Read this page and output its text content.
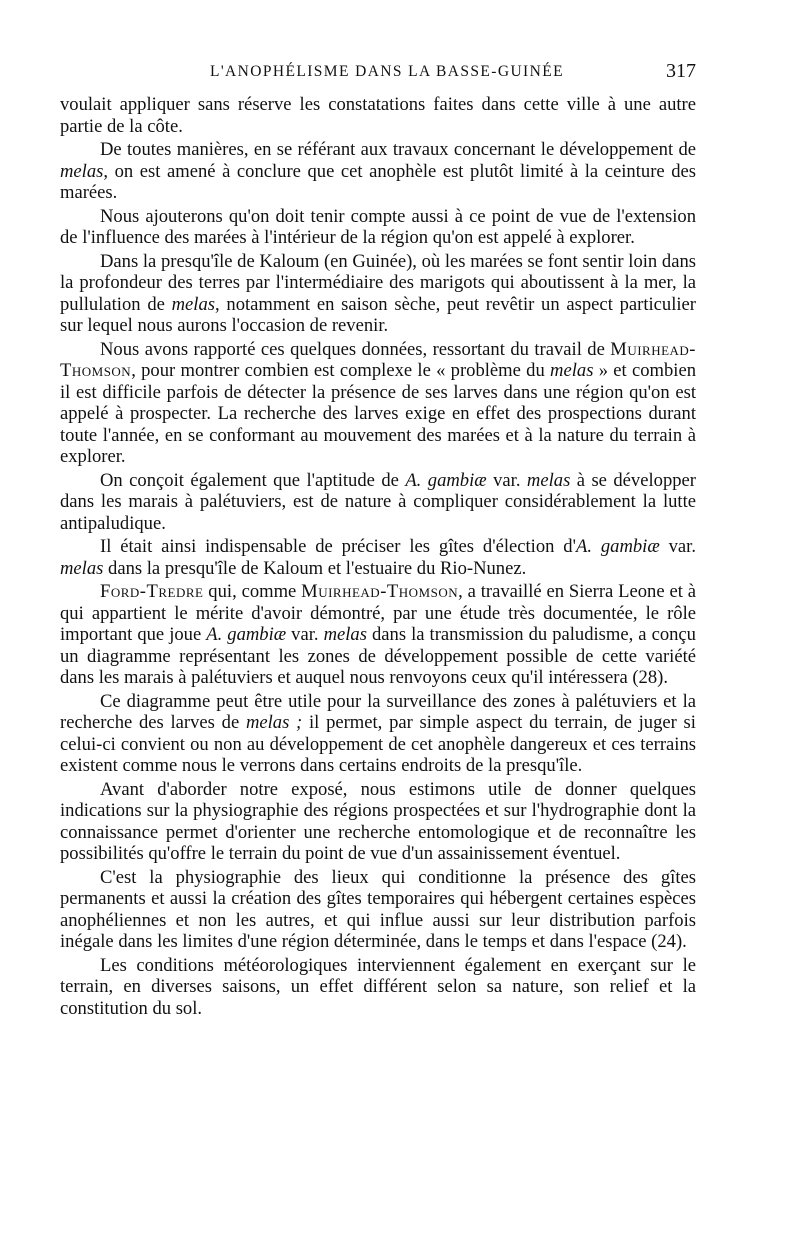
L'ANOPHÉLISME DANS LA BASSE-GUINÉE	317

voulait appliquer sans réserve les constatations faites dans cette ville à une autre partie de la côte.

De toutes manières, en se référant aux travaux concernant le développement de melas, on est amené à conclure que cet anophèle est plutôt limité à la ceinture des marées.

Nous ajouterons qu'on doit tenir compte aussi à ce point de vue de l'extension de l'influence des marées à l'intérieur de la région qu'on est appelé à explorer.

Dans la presqu'île de Kaloum (en Guinée), où les marées se font sentir loin dans la profondeur des terres par l'intermédiaire des marigots qui aboutissent à la mer, la pullulation de melas, notamment en saison sèche, peut revêtir un aspect particulier sur lequel nous aurons l'occasion de revenir.

Nous avons rapporté ces quelques données, ressortant du travail de Muirhead-Thomson, pour montrer combien est complexe le « problème du melas » et combien il est difficile parfois de détecter la présence de ses larves dans une région qu'on est appelé à prospecter. La recherche des larves exige en effet des prospections durant toute l'année, en se conformant au mouvement des marées et à la nature du terrain à explorer.

On conçoit également que l'aptitude de A. gambiæ var. melas à se développer dans les marais à palétuviers, est de nature à compliquer considérablement la lutte antipaludique.

Il était ainsi indispensable de préciser les gîtes d'élection d'A. gambiæ var. melas dans la presqu'île de Kaloum et l'estuaire du Rio-Nunez.

Ford-Tredre qui, comme Muirhead-Thomson, a travaillé en Sierra Leone et à qui appartient le mérite d'avoir démontré, par une étude très documentée, le rôle important que joue A. gambiæ var. melas dans la transmission du paludisme, a conçu un diagramme représentant les zones de développement possible de cette variété dans les marais à palétuviers et auquel nous renvoyons ceux qu'il intéressera (28).

Ce diagramme peut être utile pour la surveillance des zones à palétuviers et la recherche des larves de melas ; il permet, par simple aspect du terrain, de juger si celui-ci convient ou non au développement de cet anophèle dangereux et ces terrains existent comme nous le verrons dans certains endroits de la presqu'île.

Avant d'aborder notre exposé, nous estimons utile de donner quelques indications sur la physiographie des régions prospectées et sur l'hydrographie dont la connaissance permet d'orienter une recherche entomologique et de reconnaître les possibilités qu'offre le terrain du point de vue d'un assainissement éventuel.

C'est la physiographie des lieux qui conditionne la présence des gîtes permanents et aussi la création des gîtes temporaires qui hébergent certaines espèces anophéliennes et non les autres, et qui influe aussi sur leur distribution parfois inégale dans les limites d'une région déterminée, dans le temps et dans l'espace (24).

Les conditions météorologiques interviennent également en exerçant sur le terrain, en diverses saisons, un effet différent selon sa nature, son relief et la constitution du sol.
